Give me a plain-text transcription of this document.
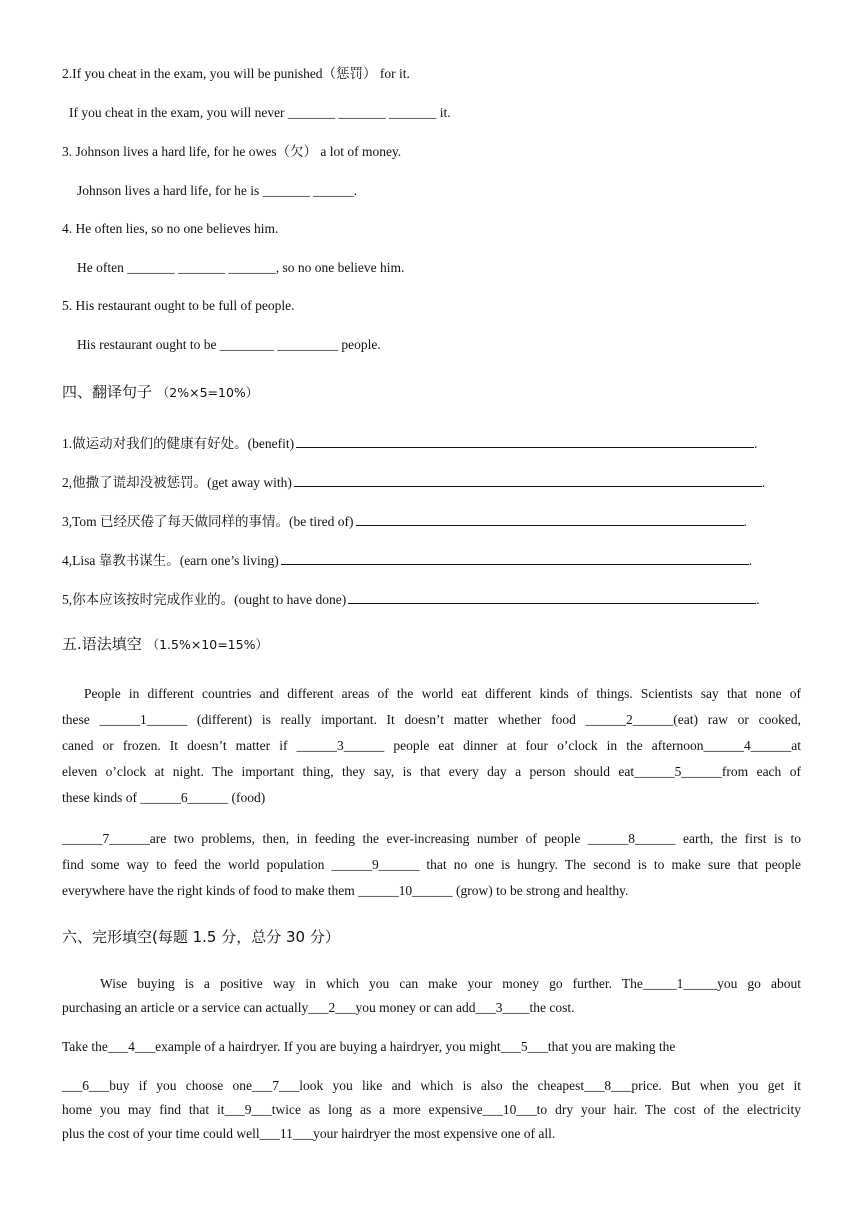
2.If you cheat in the exam, you will be punished（惩罚） for it.
If you cheat in the exam, you will never _______ _______ _______ it.
3. Johnson lives a hard life, for he owes（欠） a lot of money.
Johnson lives a hard life, for he is _______ ______.
4. He often lies, so no one believes him.
He often _______ _______ _______, so no one believe him.
5. His restaurant ought to be full of people.
His restaurant ought to be ________ _________ people.
四、翻译句子 （2%×5=10%）
1.做运动对我们的健康有好处。(benefit)	.
2,他撒了谎却没被惩罚。(get away with)	.
3,Tom 已经厌倦了每天做同样的事情。(be tired of)	.
4,Lisa 靠教书谋生。(earn one’s living)	.
5,你本应该按时完成作业的。(ought to have done)	.
五.语法填空 （1.5%×10=15%）
People in different countries and different areas of the world eat different kinds of things. Scientists say that none of
these ______1______ (different) is really important. It doesn’t matter whether food ______2______(eat) raw or cooked,
caned or frozen. It doesn’t matter if ______3______ people eat dinner at four o’clock in the afternoon______4______at
eleven o’clock at night. The important thing, they say, is that every day a person should eat______5______from each of
these kinds of ______6______ (food)
______7______are two problems, then, in feeding the ever-increasing number of people ______8______ earth, the first is to
find some way to feed the world population ______9______ that no one is hungry. The second is to make sure that people
everywhere have the right kinds of food to make them ______10______ (grow) to be strong and healthy.
六、完形填空(每题 1.5 分，总分 30 分）
Wise buying is a positive way in which you can make your money go further. The_____1_____you go about
purchasing an article or a service can actually___2___you money or can add___3____the cost.
Take the___4___example of a hairdryer. If you are buying a hairdryer, you might___5___that you are making the
___6___buy if you choose one___7___look you like and which is also the cheapest___8___price. But when you get it
home you may find that it___9___twice as long as a more expensive___10___to dry your hair. The cost of the electricity
plus the cost of your time could well___11___your hairdryer the most expensive one of all.
